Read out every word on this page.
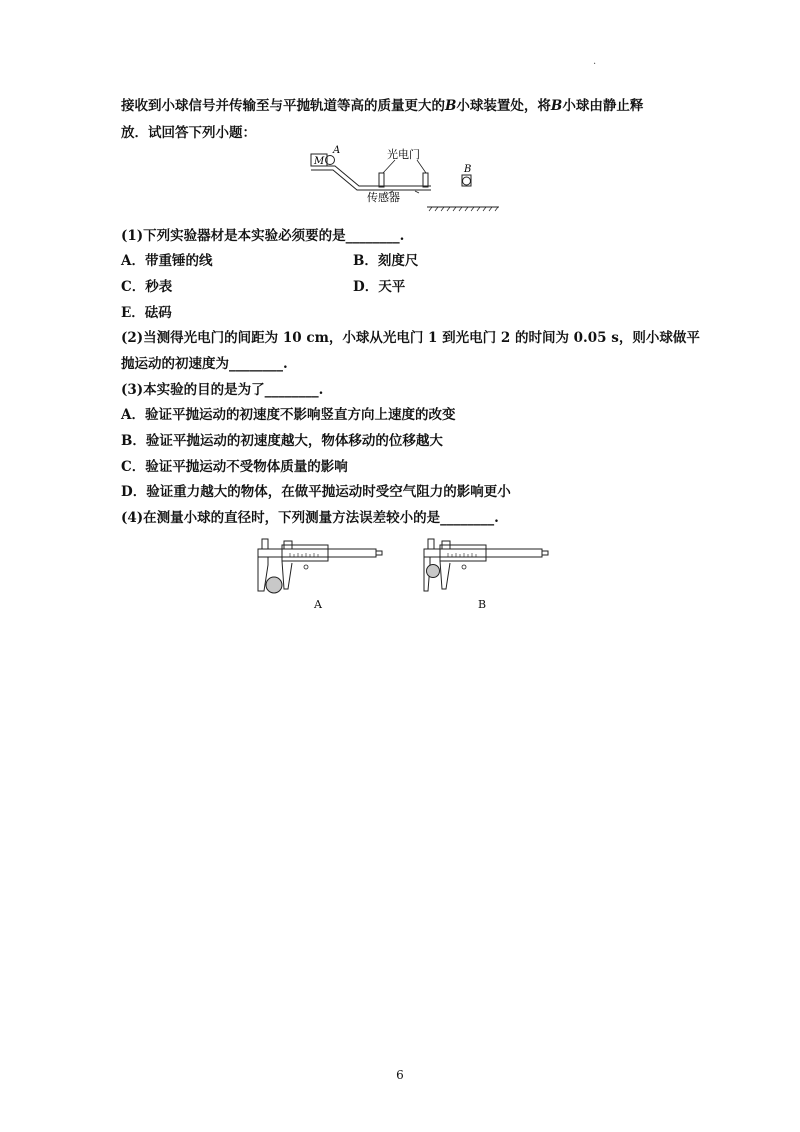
.
接收到小球信号并传输至与平抛轨道等高的质量更大的B小球装置处，将B小球由静止释
放．试回答下列小题：
M
A	光电门
传感器
B
(1)下列实验器材是本实验必须要的是________.
A．带重锤的线	B．刻度尺
C．秒表	D．天平
E．砝码
(2)当测得光电门的间距为 10 cm，小球从光电门 1 到光电门 2 的时间为 0.05 s，则小球做平
抛运动的初速度为________.
(3)本实验的目的是为了________.
A．验证平抛运动的初速度不影响竖直方向上速度的改变
B．验证平抛运动的初速度越大，物体移动的位移越大
C．验证平抛运动不受物体质量的影响
D．验证重力越大的物体，在做平抛运动时受空气阻力的影响更小
(4)在测量小球的直径时，下列测量方法误差较小的是________.
A	B
6
